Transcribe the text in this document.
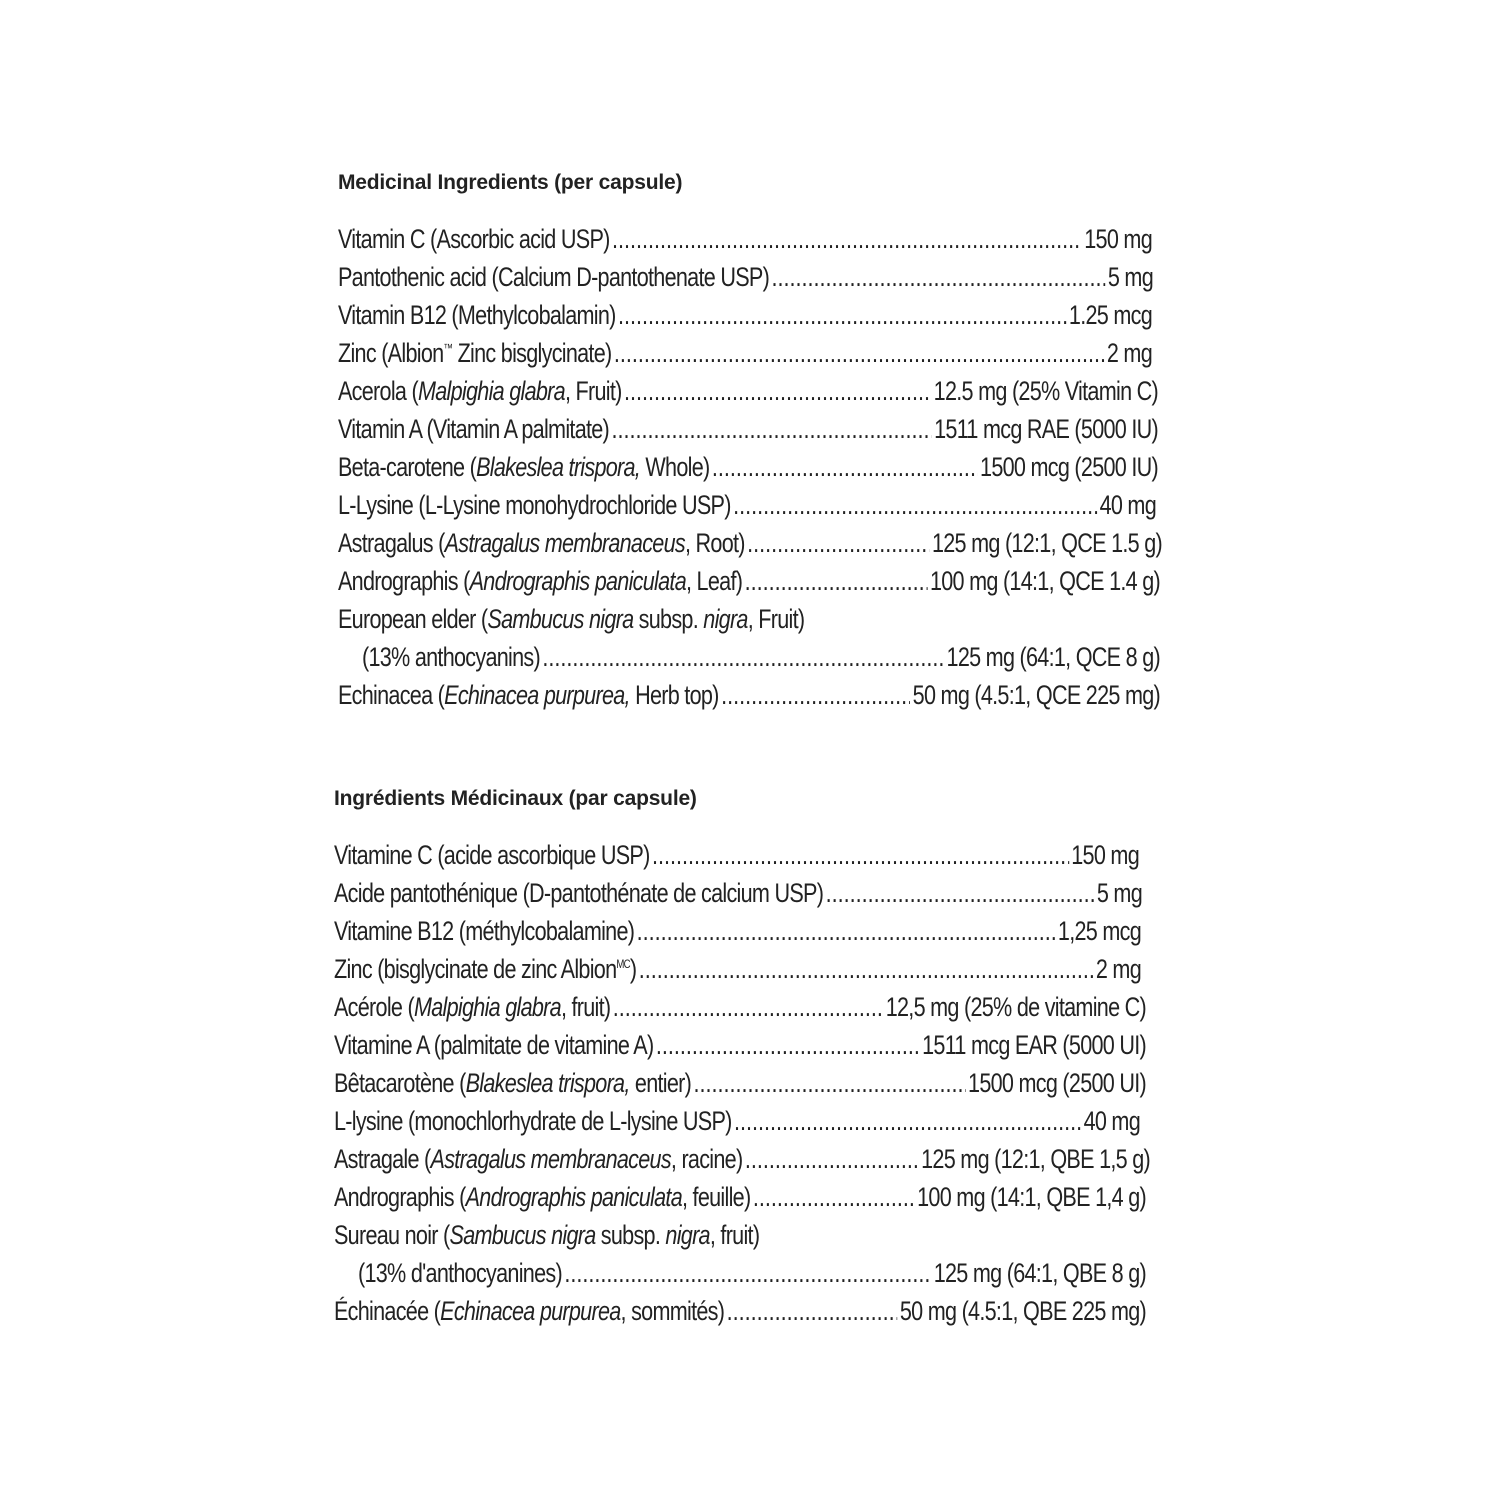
Medicinal Ingredients (per capsule)
Vitamin C (Ascorbic acid USP) .....	150 mg
Pantothenic acid (Calcium D-pantothenate USP) .....	5 mg
Vitamin B12 (Methylcobalamin) .....	1.25 mcg
Zinc (Albion™ Zinc bisglycinate) .....	2 mg
Acerola (Malpighia glabra, Fruit) .....	12.5 mg (25% Vitamin C)
Vitamin A (Vitamin A palmitate) .....	1511 mcg RAE (5000 IU)
Beta-carotene (Blakeslea trispora, Whole) .....	1500 mcg (2500 IU)
L-Lysine (L-Lysine monohydrochloride USP) .....	40 mg
Astragalus (Astragalus membranaceus, Root) .....	125 mg (12:1, QCE 1.5 g)
Andrographis (Andrographis paniculata, Leaf) .....	100 mg (14:1, QCE 1.4 g)
European elder (Sambucus nigra subsp. nigra, Fruit)
(13% anthocyanins) .....	125 mg (64:1, QCE 8 g)
Echinacea (Echinacea purpurea, Herb top) .....	50 mg (4.5:1, QCE 225 mg)
Ingrédients Médicinaux (par capsule)
Vitamine C (acide ascorbique USP) .....	150 mg
Acide pantothénique (D-pantothénate de calcium USP) .....	5 mg
Vitamine B12 (méthylcobalamine) .....	1,25 mcg
Zinc (bisglycinate de zinc Albion$^{MC}$) .....	2 mg
Acérole (Malpighia glabra, fruit) .....	12,5 mg (25% de vitamine C)
Vitamine A (palmitate de vitamine A) .....	1511 mcg EAR (5000 UI)
Bêtacarotène (Blakeslea trispora, entier) .....	1500 mcg (2500 UI)
L-lysine (monochlorhydrate de L-lysine USP) .....	40 mg
Astragale (Astragalus membranaceus, racine) .....	125 mg (12:1, QBE 1,5 g)
Andrographis (Andrographis paniculata, feuille) .....	100 mg (14:1, QBE 1,4 g)
Sureau noir (Sambucus nigra subsp. nigra, fruit)
(13% d'anthocyanines) .....	125 mg (64:1, QBE 8 g)
Échinacée (Echinacea purpurea, sommités) .....	50 mg (4.5:1, QBE 225 mg)
